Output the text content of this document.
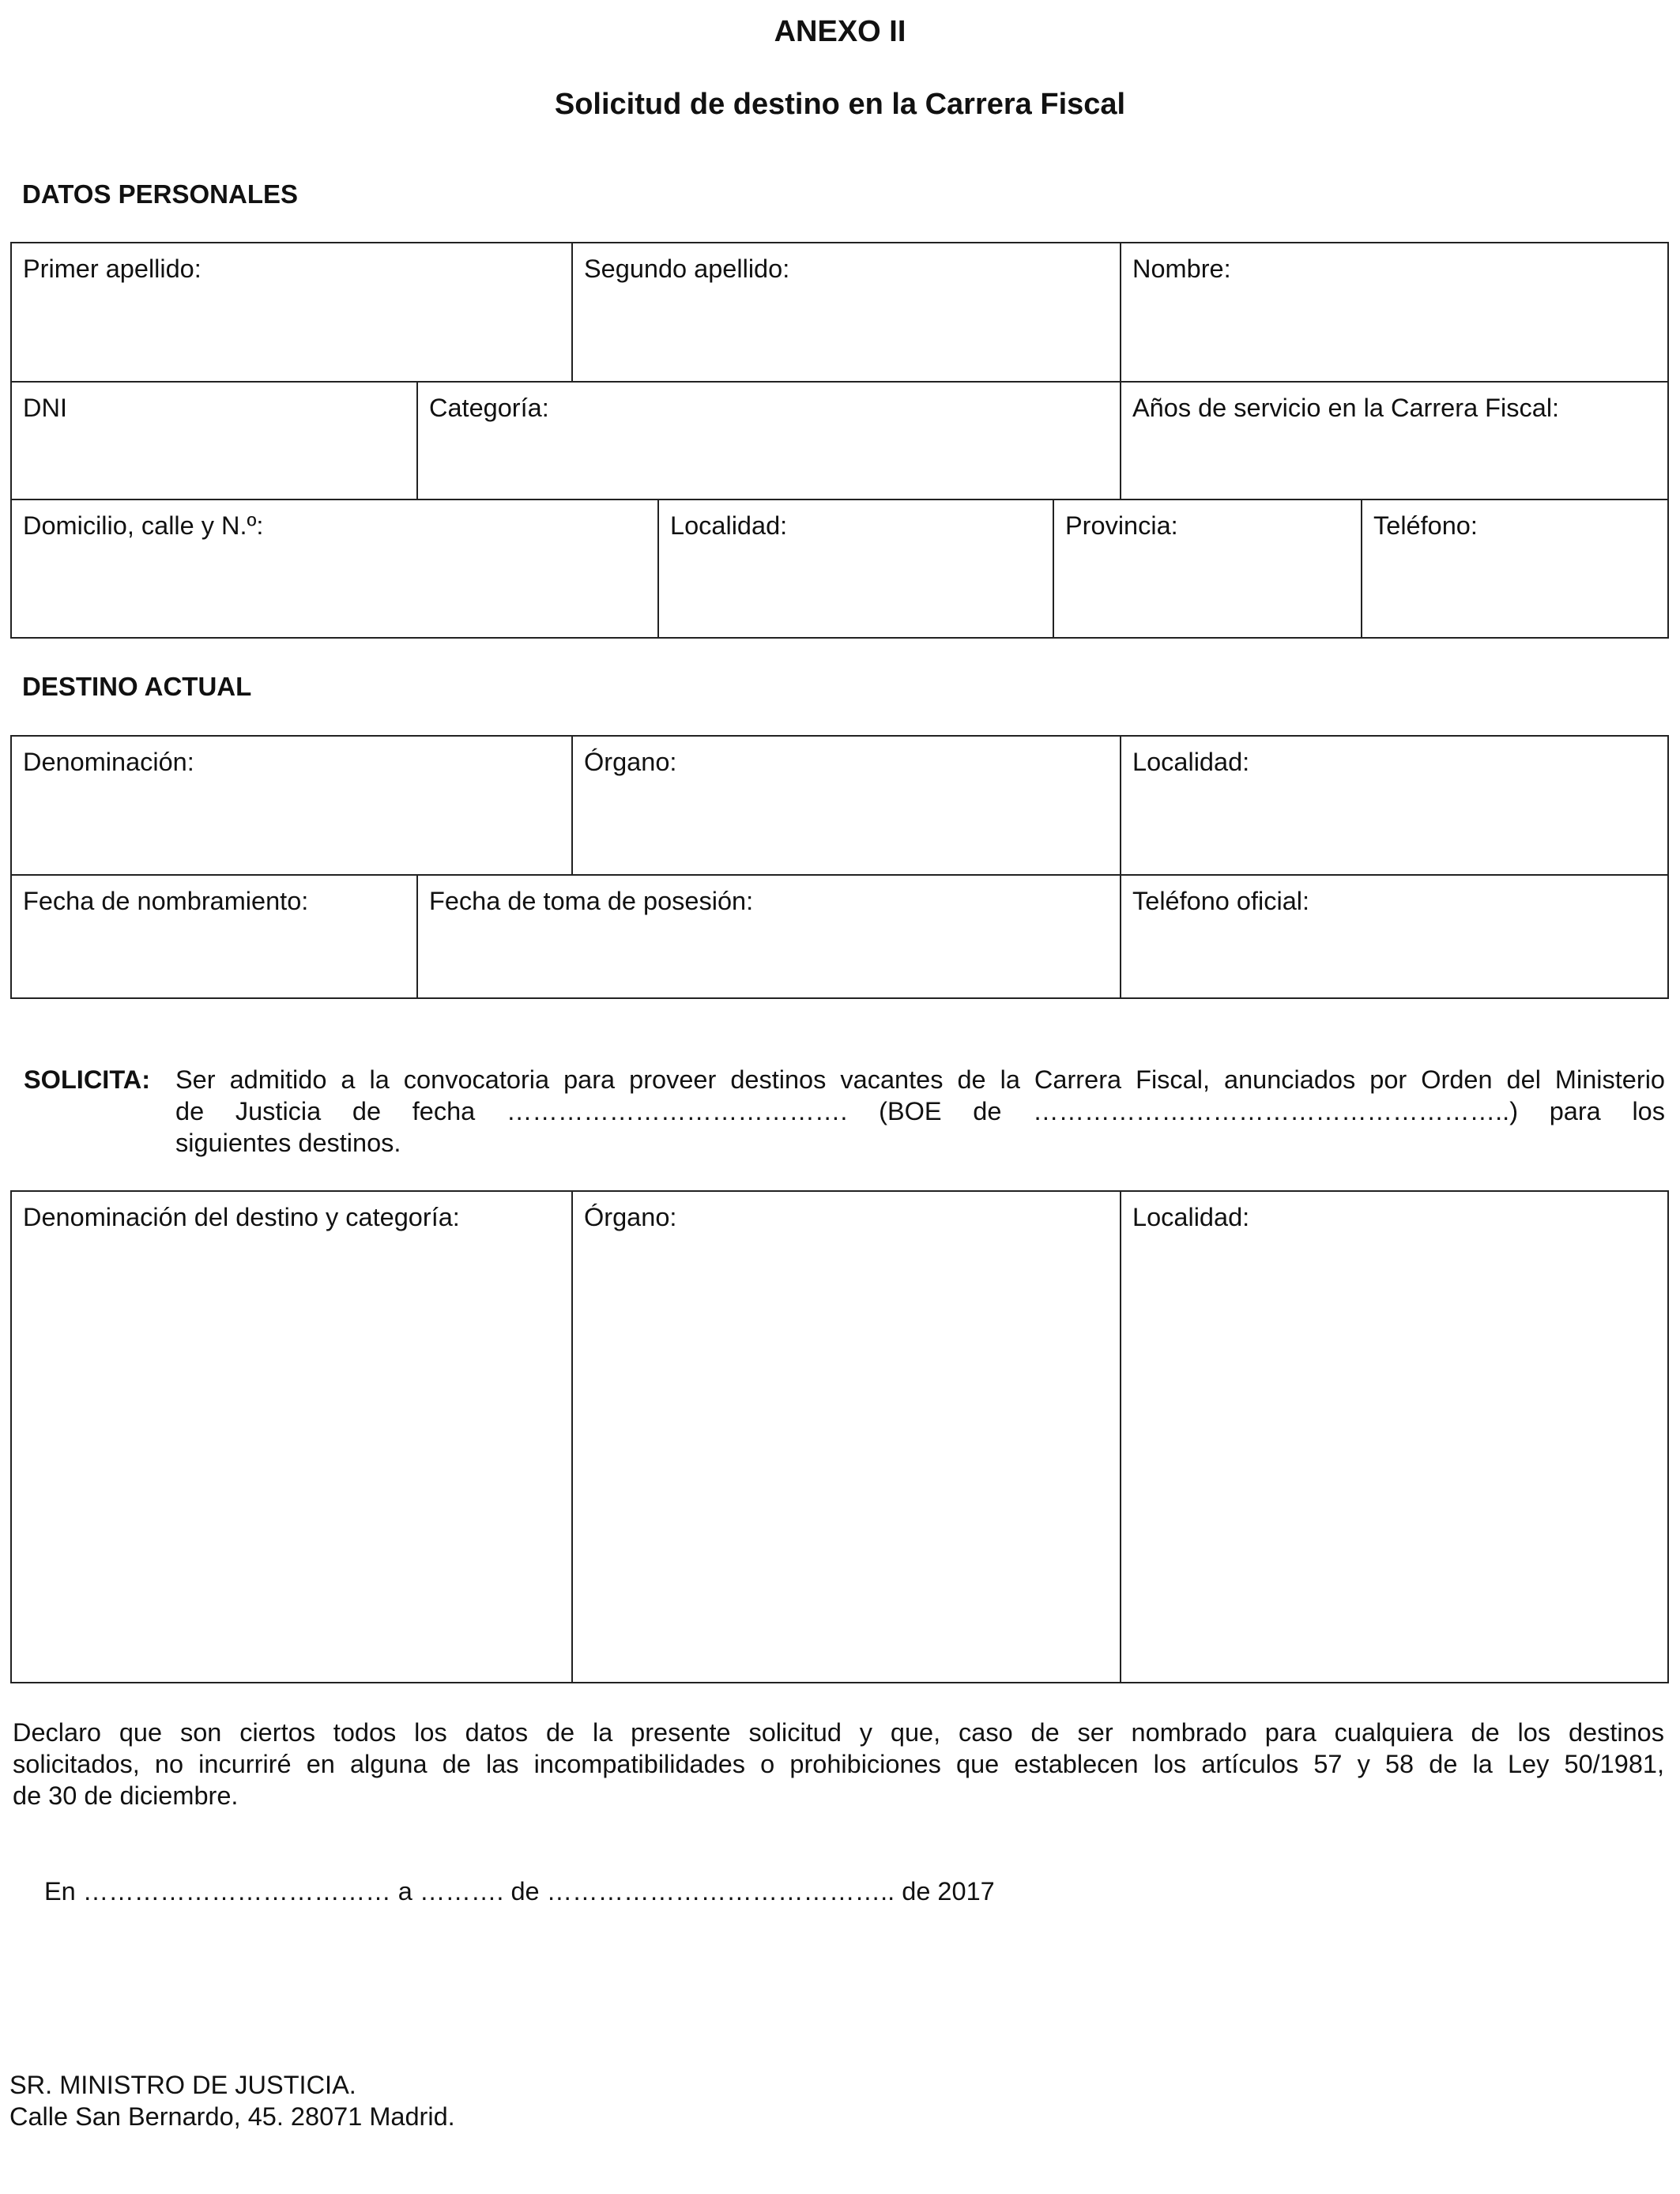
ANEXO II
Solicitud de destino en la Carrera Fiscal
DATOS PERSONALES
Primer apellido:	Segundo apellido:	Nombre:
DNI	Categoría:	Años de servicio en la Carrera Fiscal:
Domicilio, calle y N.º:	Localidad:	Provincia:	Teléfono:
DESTINO ACTUAL
Denominación:	Órgano:	Localidad:
Fecha de nombramiento:	Fecha de toma de posesión:	Teléfono oficial:
SOLICITA: Ser admitido a la convocatoria para proveer destinos vacantes de la Carrera Fiscal, anunciados por Orden del Ministerio
de Justicia de fecha …………………………………. (BOE de ………………………………………………..) para los
siguientes destinos.
Denominación del destino y categoría:	Órgano:	Localidad:
Declaro que son ciertos todos los datos de la presente solicitud y que, caso de ser nombrado para cualquiera de los destinos
solicitados, no incurriré en alguna de las incompatibilidades o prohibiciones que establecen los artículos 57 y 58 de la Ley 50/1981,
de 30 de diciembre.
En ……………………………… a ………. de ………………………………….. de 2017
SR. MINISTRO DE JUSTICIA.
Calle San Bernardo, 45. 28071 Madrid.
